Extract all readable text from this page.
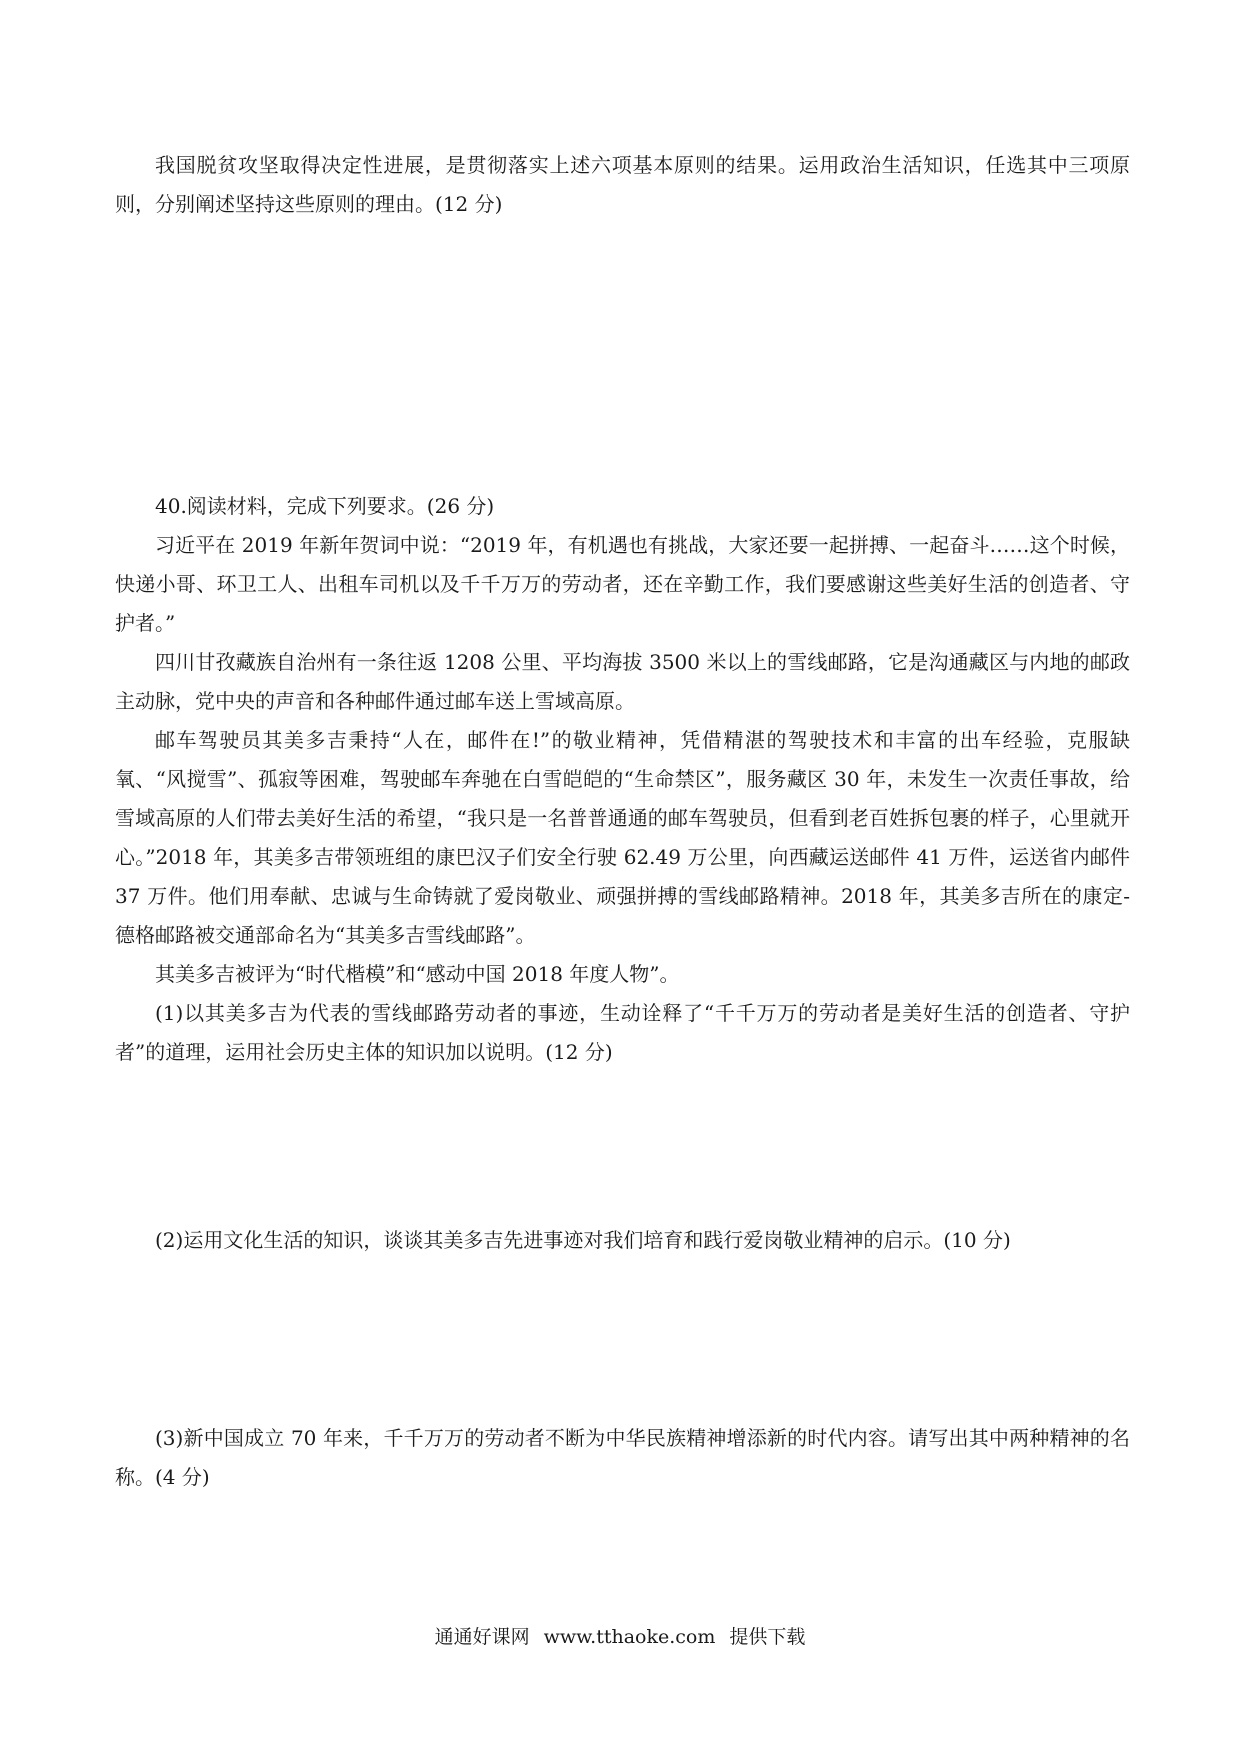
我国脱贫攻坚取得决定性进展，是贯彻落实上述六项基本原则的结果。运用政治生活知识，任选其中三项原则，分别阐述坚持这些原则的理由。(12 分)

40.阅读材料，完成下列要求。(26 分)

习近平在 2019 年新年贺词中说：“2019 年，有机遇也有挑战，大家还要一起拼搏、一起奋斗……这个时候，快递小哥、环卫工人、出租车司机以及千千万万的劳动者，还在辛勤工作，我们要感谢这些美好生活的创造者、守护者。”

四川甘孜藏族自治州有一条往返 1208 公里、平均海拔 3500 米以上的雪线邮路，它是沟通藏区与内地的邮政主动脉，党中央的声音和各种邮件通过邮车送上雪域高原。

邮车驾驶员其美多吉秉持“人在，邮件在!”的敬业精神，凭借精湛的驾驶技术和丰富的出车经验，克服缺氧、“风搅雪”、孤寂等困难，驾驶邮车奔驰在白雪皑皑的“生命禁区”，服务藏区 30 年，未发生一次责任事故，给雪域高原的人们带去美好生活的希望，“我只是一名普普通通的邮车驾驶员，但看到老百姓拆包裹的样子，心里就开心。”2018 年，其美多吉带领班组的康巴汉子们安全行驶 62.49 万公里，向西藏运送邮件 41 万件，运送省内邮件 37 万件。他们用奉献、忠诚与生命铸就了爱岗敬业、顽强拼搏的雪线邮路精神。2018 年，其美多吉所在的康定-德格邮路被交通部命名为“其美多吉雪线邮路”。

其美多吉被评为“时代楷模”和“感动中国 2018 年度人物”。

(1)以其美多吉为代表的雪线邮路劳动者的事迹，生动诠释了“千千万万的劳动者是美好生活的创造者、守护者”的道理，运用社会历史主体的知识加以说明。(12 分)

(2)运用文化生活的知识，谈谈其美多吉先进事迹对我们培育和践行爱岗敬业精神的启示。(10 分)

(3)新中国成立 70 年来，千千万万的劳动者不断为中华民族精神增添新的时代内容。请写出其中两种精神的名称。(4 分)

通通好课网 www.tthaoke.com 提供下载
